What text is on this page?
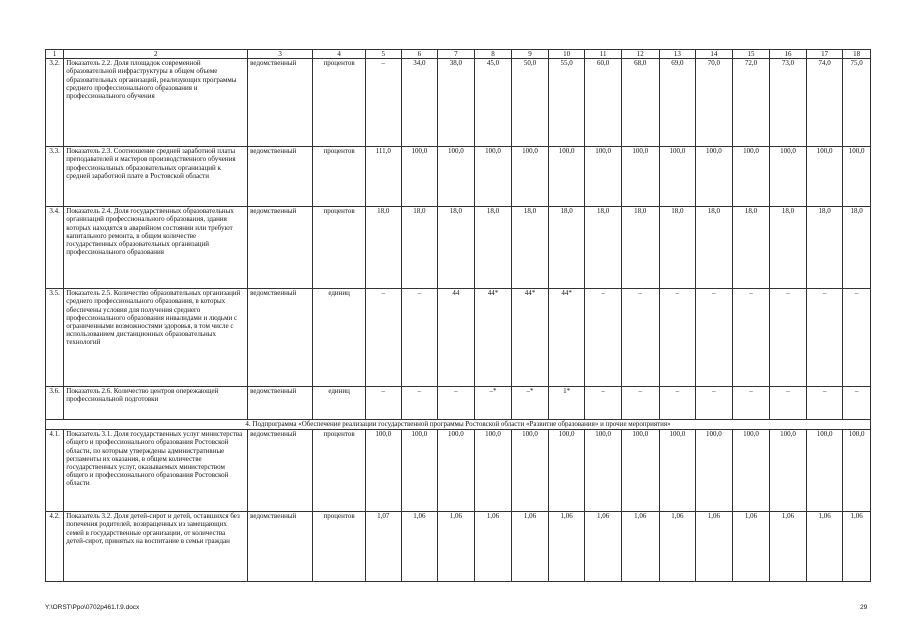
1	2	3	4	5	6	7	8	9	10	11	12	13	14	15	16	17	18
3.2.	Показатель 2.2. Доля площадок современной образовательной инфраструктуры в общем объеме образовательных организаций, реализующих программы среднего профессионального образования и профессионального обучения	ведомственный	процентов	–	34,0	38,0	45,0	50,0	55,0	60,0	68,0	69,0	70,0	72,0	73,0	74,0	75,0
3.3.	Показатель 2.3. Соотношение средней заработной платы преподавателей и мастеров производственного обучения профессиональных образовательных организаций к средней заработной плате в Ростовской области	ведомственный	процентов	111,0	100,0	100,0	100,0	100,0	100,0	100,0	100,0	100,0	100,0	100,0	100,0	100,0	100,0
3.4.	Показатель 2.4. Доля государственных образовательных организаций профессионального образования, здания которых находятся в аварийном состоянии или требуют капитального ремонта, в общем количестве государственных образовательных организаций профессионального образования	ведомственный	процентов	18,0	18,0	18,0	18,0	18,0	18,0	18,0	18,0	18,0	18,0	18,0	18,0	18,0	18,0
3.5.	Показатель 2.5. Количество образовательных организаций среднего профессионального образования, в которых обеспечены условия для получения среднего профессионального образования инвалидами и людьми с ограниченными возможностями здоровья, в том числе с использованием дистанционных образовательных технологий	ведомственный	единиц	–	–	44	44*	44*	44*	–	–	–	–	–	–	–	–
3.6.	Показатель 2.6. Количество центров опережающей профессиональной подготовки	ведомственный	единиц	–	–	–	–*	–*	1*	–	–	–	–	–	–	–	–
4. Подпрограмма «Обеспечение реализации государственной программы Ростовской области «Развитие образования» и прочие мероприятия»																	
4.1.	Показатель 3.1. Доля государственных услуг министерства общего и профессионального образования Ростовской области, по которым утверждены административные регламенты их оказания, в общем количестве государственных услуг, оказываемых министерством общего и профессионального образования Ростовской области	ведомственный	процентов	100,0	100,0	100,0	100,0	100,0	100,0	100,0	100,0	100,0	100,0	100,0	100,0	100,0	100,0
4.2.	Показатель 3.2. Доля детей-сирот и детей, оставшихся без попечения родителей, возвращенных из замещающих семей в государственные организации, от количества детей-сирот, принятых на воспитание в семьи граждан	ведомственный	процентов	1,07	1,06	1,06	1,06	1,06	1,06	1,06	1,06	1,06	1,06	1,06	1,06	1,06	1,06
Y:\ORST\Ppo\0702p461.f.9.docx	29
